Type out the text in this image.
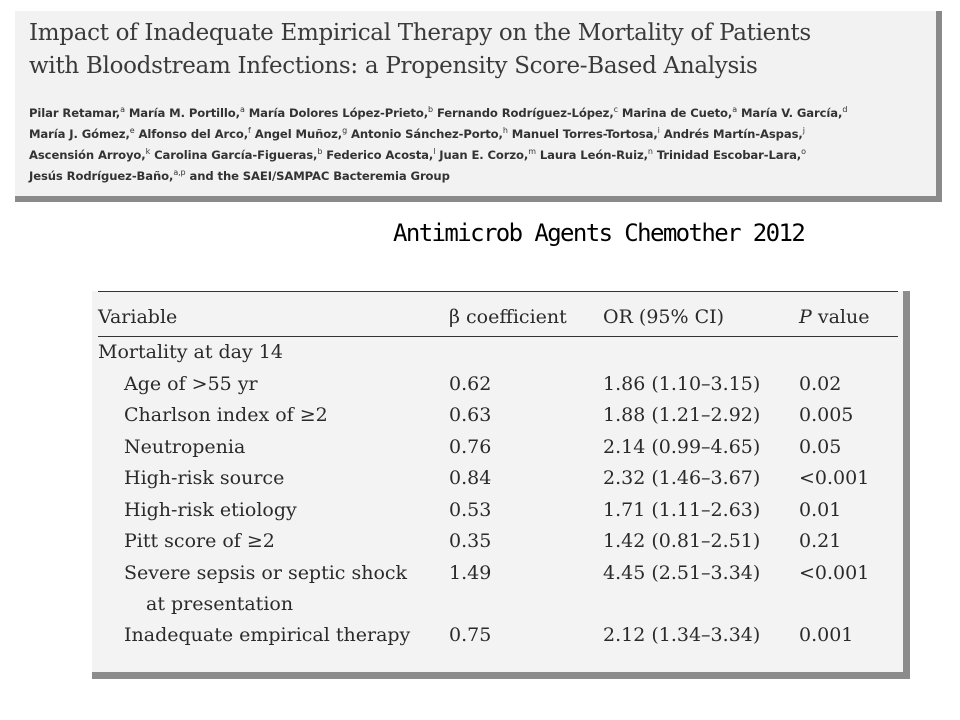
Impact of Inadequate Empirical Therapy on the Mortality of Patients
with Bloodstream Infections: a Propensity Score-Based Analysis
Pilar Retamar,$^a$ María M. Portillo,$^a$ María Dolores López-Prieto,$^b$ Fernando Rodríguez-López,$^c$ Marina de Cueto,$^a$ María V. García,$^d$
María J. Gómez,$^e$ Alfonso del Arco,$^f$ Angel Muñoz,$^g$ Antonio Sánchez-Porto,$^h$ Manuel Torres-Tortosa,$^i$ Andrés Martín-Aspas,$^j$
Ascensión Arroyo,$^k$ Carolina García-Figueras,$^b$ Federico Acosta,$^l$ Juan E. Corzo,$^m$ Laura León-Ruiz,$^n$ Trinidad Escobar-Lara,$^o$
Jesús Rodríguez-Baño,$^{a,p}$ and the SAEI/SAMPAC Bacteremia Group
Antimicrob Agents Chemother 2012
Variable	β coefficient	OR (95% CI)	P value
Mortality at day 14			
Age of >55 yr	0.62	1.86 (1.10–3.15)	0.02
Charlson index of ≥2	0.63	1.88 (1.21–2.92)	0.005
Neutropenia	0.76	2.14 (0.99–4.65)	0.05
High-risk source	0.84	2.32 (1.46–3.67)	<0.001
High-risk etiology	0.53	1.71 (1.11–2.63)	0.01
Pitt score of ≥2	0.35	1.42 (0.81–2.51)	0.21
Severe sepsis or septic shock

at presentation	1.49	4.45 (2.51–3.34)	<0.001
Inadequate empirical therapy	0.75	2.12 (1.34–3.34)	0.001
